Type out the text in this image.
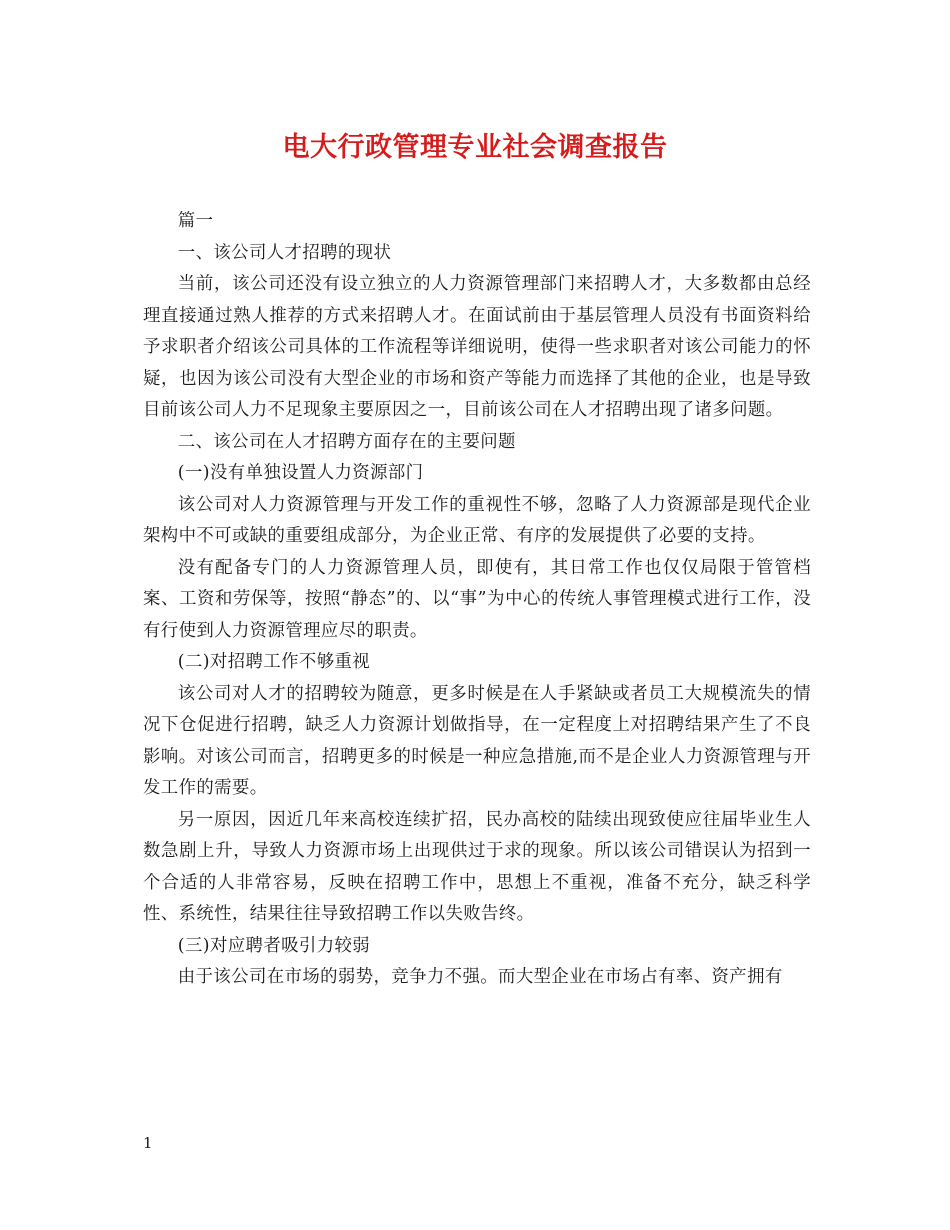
电大行政管理专业社会调查报告

篇一

一、该公司人才招聘的现状

当前，该公司还没有设立独立的人力资源管理部门来招聘人才，大多数都由总经理直接通过熟人推荐的方式来招聘人才。在面试前由于基层管理人员没有书面资料给予求职者介绍该公司具体的工作流程等详细说明，使得一些求职者对该公司能力的怀疑，也因为该公司没有大型企业的市场和资产等能力而选择了其他的企业，也是导致目前该公司人力不足现象主要原因之一，目前该公司在人才招聘出现了诸多问题。

二、该公司在人才招聘方面存在的主要问题

(一)没有单独设置人力资源部门

该公司对人力资源管理与开发工作的重视性不够，忽略了人力资源部是现代企业架构中不可或缺的重要组成部分，为企业正常、有序的发展提供了必要的支持。

没有配备专门的人力资源管理人员，即使有，其日常工作也仅仅局限于管管档案、工资和劳保等，按照“静态”的、以“事”为中心的传统人事管理模式进行工作，没有行使到人力资源管理应尽的职责。

(二)对招聘工作不够重视

该公司对人才的招聘较为随意，更多时候是在人手紧缺或者员工大规模流失的情况下仓促进行招聘，缺乏人力资源计划做指导，在一定程度上对招聘结果产生了不良影响。对该公司而言，招聘更多的时候是一种应急措施,而不是企业人力资源管理与开发工作的需要。

另一原因，因近几年来高校连续扩招，民办高校的陆续出现致使应往届毕业生人数急剧上升，导致人力资源市场上出现供过于求的现象。所以该公司错误认为招到一个合适的人非常容易，反映在招聘工作中，思想上不重视，准备不充分，缺乏科学性、系统性，结果往往导致招聘工作以失败告终。

(三)对应聘者吸引力较弱

由于该公司在市场的弱势，竞争力不强。而大型企业在市场占有率、资产拥有

1
